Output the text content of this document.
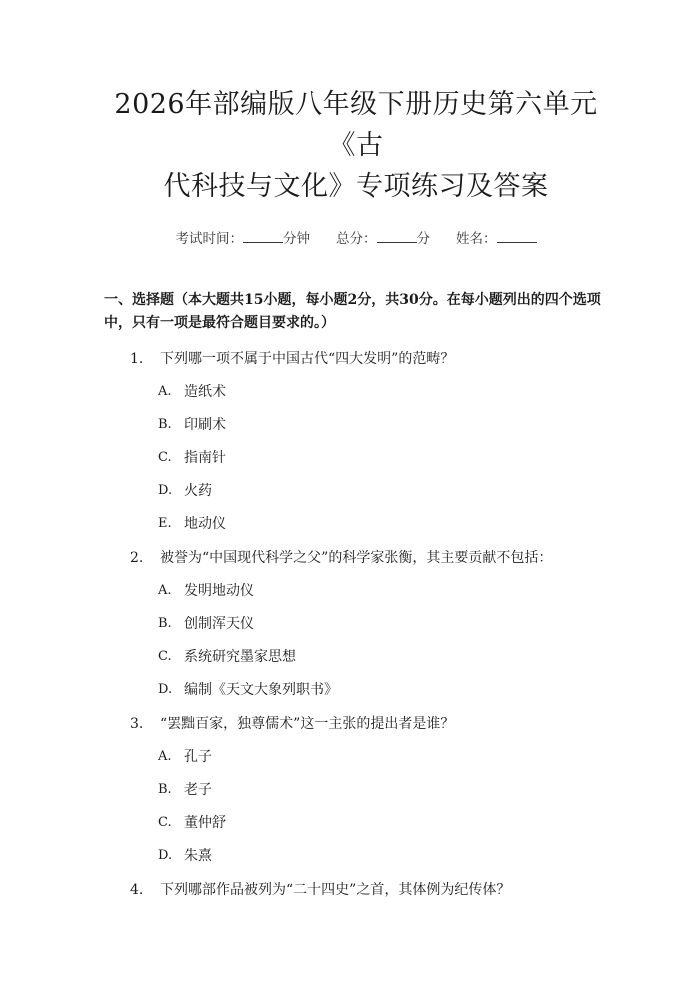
2026年部编版八年级下册历史第六单元《古
代科技与文化》专项练习及答案
考试时间：	分钟 总分：	分 姓名：
一、选择题（本大题共15小题，每小题2分，共30分。在每小题列出的四个选项中，只有一项是最符合题目要求的。）
1. 下列哪一项不属于中国古代“四大发明”的范畴？
A. 造纸术
B. 印刷术
C. 指南针
D. 火药
E. 地动仪
2. 被誉为“中国现代科学之父”的科学家张衡，其主要贡献不包括：
A. 发明地动仪
B. 创制浑天仪
C. 系统研究墨家思想
D. 编制《天文大象列职书》
3. “罢黜百家，独尊儒术”这一主张的提出者是谁？
A. 孔子
B. 老子
C. 董仲舒
D. 朱熹
4. 下列哪部作品被列为“二十四史”之首，其体例为纪传体？
